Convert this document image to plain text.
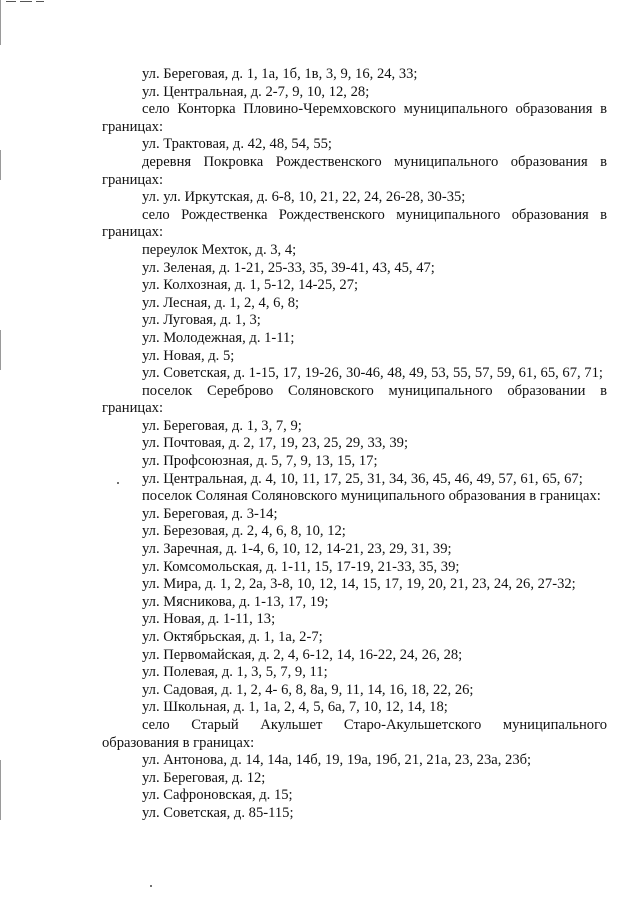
ул. Береговая, д. 1, 1а, 1б, 1в, 3, 9, 16, 24, 33;
ул. Центральная, д. 2-7, 9, 10, 12, 28;
село Конторка Пловино-Черемховского муниципального образования в границах:
ул. Трактовая, д. 42, 48, 54, 55;
деревня Покровка Рождественского муниципального образования в границах:
ул. ул. Иркутская, д. 6-8, 10, 21, 22, 24, 26-28, 30-35;
село Рождественка Рождественского муниципального образования в границах:
переулок Мехток, д. 3, 4;
ул. Зеленая, д. 1-21, 25-33, 35, 39-41, 43, 45, 47;
ул. Колхозная, д. 1, 5-12, 14-25, 27;
ул. Лесная, д. 1, 2, 4, 6, 8;
ул. Луговая, д. 1, 3;
ул. Молодежная, д. 1-11;
ул. Новая, д. 5;
ул. Советская, д. 1-15, 17, 19-26, 30-46, 48, 49, 53, 55, 57, 59, 61, 65, 67, 71;
поселок Сереброво Соляновского муниципального образовании в границах:
ул. Береговая, д. 1, 3, 7, 9;
ул. Почтовая, д. 2, 17, 19, 23, 25, 29, 33, 39;
ул. Профсоюзная, д. 5, 7, 9, 13, 15, 17;
ул. Центральная, д. 4, 10, 11, 17, 25, 31, 34, 36, 45, 46, 49, 57, 61, 65, 67;
поселок Соляная Соляновского муниципального образования в границах:
ул. Береговая, д. 3-14;
ул. Березовая, д. 2, 4, 6, 8, 10, 12;
ул. Заречная, д. 1-4, 6, 10, 12, 14-21, 23, 29, 31, 39;
ул. Комсомольская, д. 1-11, 15, 17-19, 21-33, 35, 39;
ул. Мира, д. 1, 2, 2а, 3-8, 10, 12, 14, 15, 17, 19, 20, 21, 23, 24, 26, 27-32;
ул. Мясникова, д. 1-13, 17, 19;
ул. Новая, д. 1-11, 13;
ул. Октябрьская, д. 1, 1а, 2-7;
ул. Первомайская, д. 2, 4, 6-12, 14, 16-22, 24, 26, 28;
ул. Полевая, д. 1, 3, 5, 7, 9, 11;
ул. Садовая, д. 1, 2, 4- 6, 8, 8а, 9, 11, 14, 16, 18, 22, 26;
ул. Школьная, д. 1, 1а, 2, 4, 5, 6а, 7, 10, 12, 14, 18;
село Старый Акульшет Старо-Акульшетского муниципального образования в границах:
ул. Антонова, д. 14, 14а, 14б, 19, 19а, 19б, 21, 21а, 23, 23а, 23б;
ул. Береговая, д. 12;
ул. Сафроновская, д. 15;
ул. Советская, д. 85-115;
